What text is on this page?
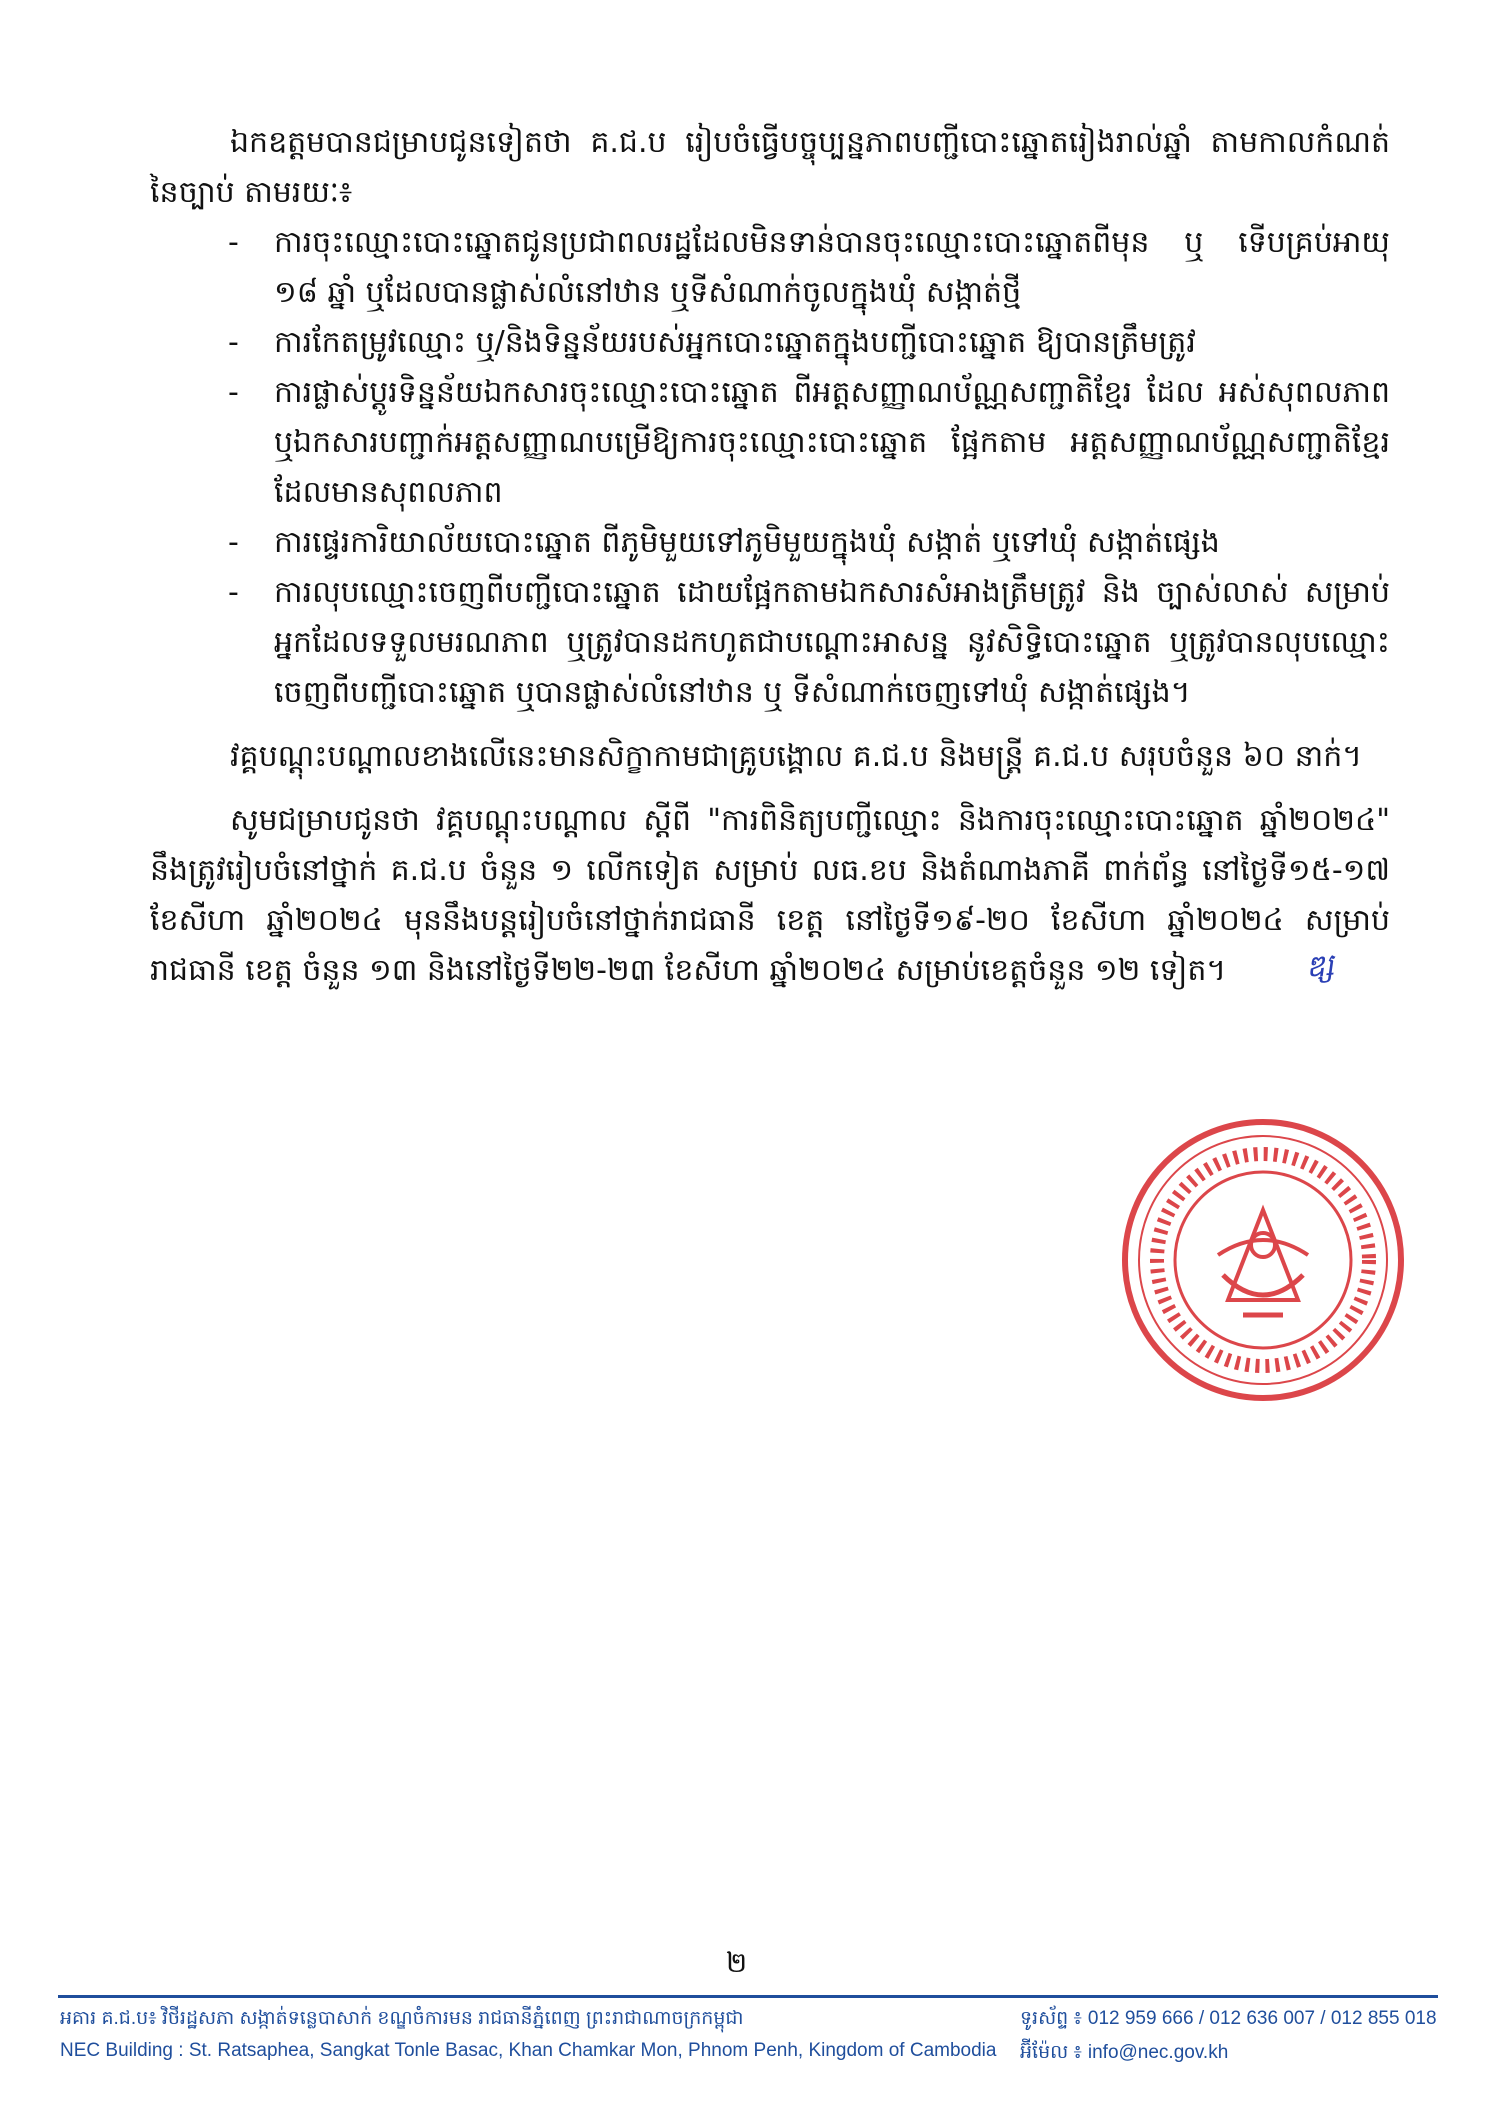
ឯកឧត្តមបានជម្រាបជូនទៀតថា គ.ជ.ប រៀបចំធ្វើបច្ចុប្បន្នភាពបញ្ជីបោះឆ្នោតរៀងរាល់ឆ្នាំ តាមកាលកំណត់នៃច្បាប់ តាមរយៈ៖

- ការចុះឈ្មោះបោះឆ្នោតជូនប្រជាពលរដ្ឋដែលមិនទាន់បានចុះឈ្មោះបោះឆ្នោតពីមុន ឬ ទើបគ្រប់អាយុ ១៨ ឆ្នាំ ឬដែលបានផ្លាស់លំនៅឋាន ឬទីសំណាក់ចូលក្នុងឃុំ សង្កាត់ថ្មី
- ការកែតម្រូវឈ្មោះ ឬ/និងទិន្នន័យរបស់អ្នកបោះឆ្នោតក្នុងបញ្ជីបោះឆ្នោត ឱ្យបានត្រឹមត្រូវ
- ការផ្លាស់ប្តូរទិន្នន័យឯកសារចុះឈ្មោះបោះឆ្នោត ពីអត្តសញ្ញាណប័ណ្ណសញ្ជាតិខ្មែរ ដែល អស់សុពលភាព ឬឯកសារបញ្ជាក់អត្តសញ្ញាណបម្រើឱ្យការចុះឈ្មោះបោះឆ្នោត ផ្អែកតាម អត្តសញ្ញាណប័ណ្ណសញ្ជាតិខ្មែរ ដែលមានសុពលភាព
- ការផ្ទេរការិយាល័យបោះឆ្នោត ពីភូមិមួយទៅភូមិមួយក្នុងឃុំ សង្កាត់ ឬទៅឃុំ សង្កាត់ផ្សេង
- ការលុបឈ្មោះចេញពីបញ្ជីបោះឆ្នោត ដោយផ្អែកតាមឯកសារសំអាងត្រឹមត្រូវ និង ច្បាស់លាស់ សម្រាប់អ្នកដែលទទួលមរណភាព ឬត្រូវបានដកហូតជាបណ្ដោះអាសន្ន នូវសិទ្ធិបោះឆ្នោត ឬត្រូវបានលុបឈ្មោះចេញពីបញ្ជីបោះឆ្នោត ឬបានផ្លាស់លំនៅឋាន ឬ ទីសំណាក់ចេញទៅឃុំ សង្កាត់ផ្សេង។

វគ្គបណ្តុះបណ្តាលខាងលើនេះមានសិក្ខាកាមជាគ្រូបង្គោល គ.ជ.ប និងមន្ត្រី គ.ជ.ប សរុបចំនួន ៦០ នាក់។

សូមជម្រាបជូនថា វគ្គបណ្តុះបណ្តាល ស្តីពី "ការពិនិត្យបញ្ជីឈ្មោះ និងការចុះឈ្មោះបោះឆ្នោត ឆ្នាំ២០២៤" នឹងត្រូវរៀបចំនៅថ្នាក់ គ.ជ.ប ចំនួន ១ លើកទៀត សម្រាប់ លធ.ខប និងតំណាងភាគី ពាក់ព័ន្ធ នៅថ្ងៃទី១៥-១៧ ខែសីហា ឆ្នាំ២០២៤ មុននឹងបន្តរៀបចំនៅថ្នាក់រាជធានី ខេត្ត នៅថ្ងៃទី១៩-២០ ខែសីហា ឆ្នាំ២០២៤ សម្រាប់រាជធានី ខេត្ត ចំនួន ១៣ និងនៅថ្ងៃទី២២-២៣ ខែសីហា ឆ្នាំ២០២៤ សម្រាប់ខេត្តចំនួន ១២ ទៀត។	ឌ្ស

២
អគារ គ.ជ.ប៖ វិថីរដ្ឋសភា សង្កាត់ទន្លេបាសាក់ ខណ្ឌចំការមន រាជធានីភ្នំពេញ ព្រះរាជាណាចក្រកម្ពុជា	ទូរស័ព្ទ ៖ 012 959 666 / 012 636 007 / 012 855 018
NEC Building : St. Ratsaphea, Sangkat Tonle Basac, Khan Chamkar Mon, Phnom Penh, Kingdom of Cambodia អ៊ីម៉ែល ៖ info@nec.gov.kh
